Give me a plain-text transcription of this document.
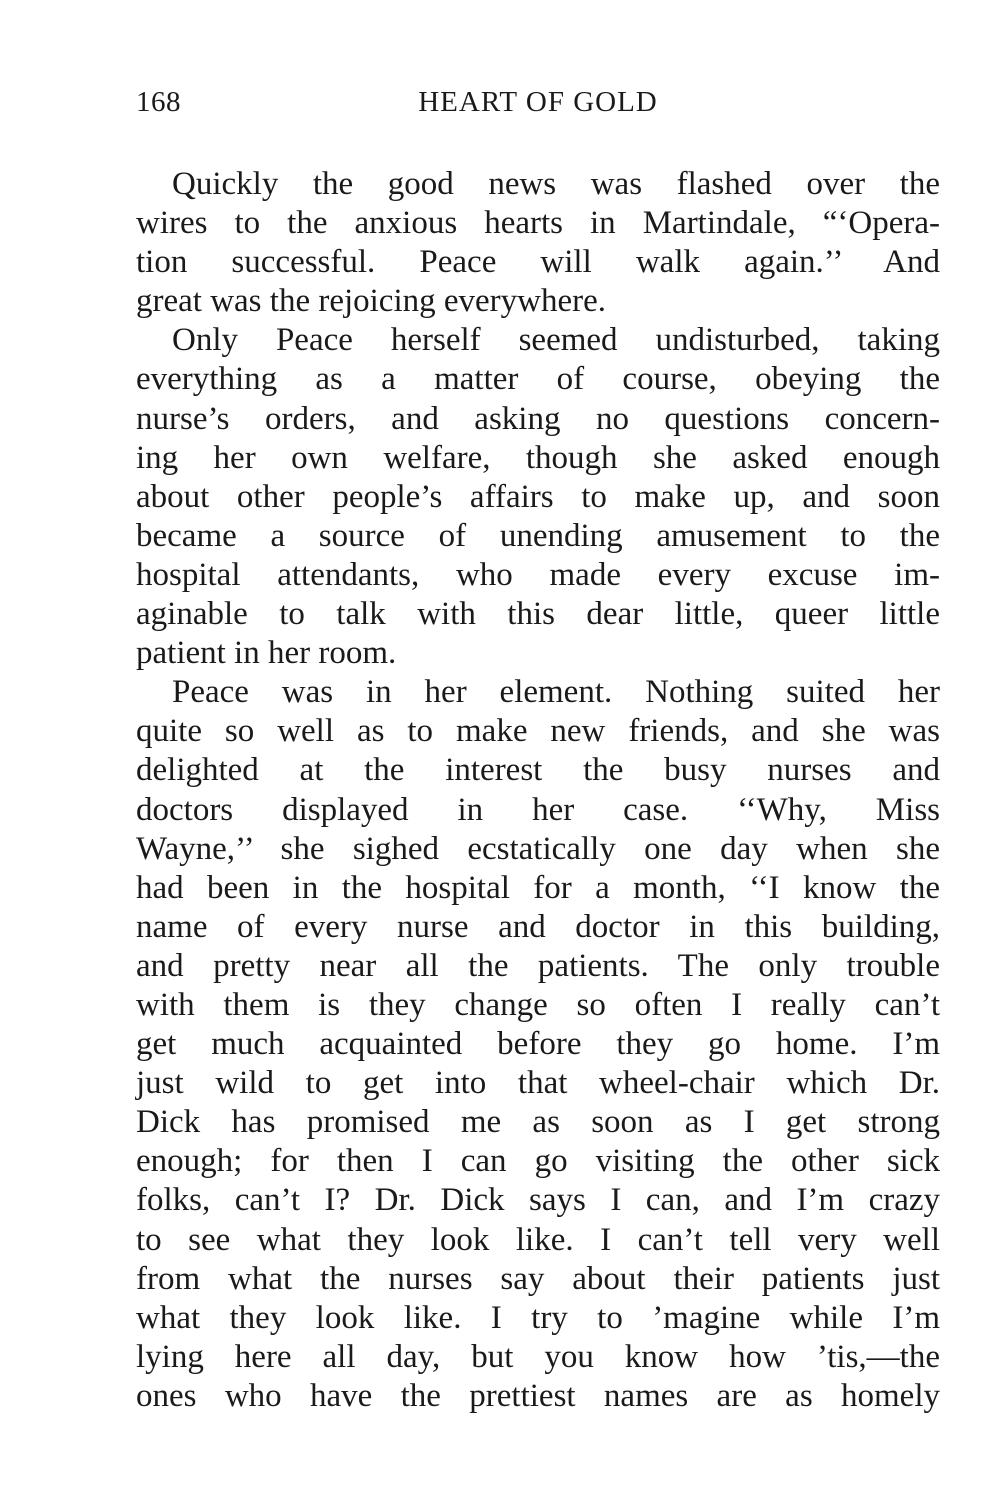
168	HEART OF GOLD
Quickly the good news was flashed over the
wires to the anxious hearts in Martindale, “‘Opera-
tion successful. Peace will walk again.’’ And
great was the rejoicing everywhere.
Only Peace herself seemed undisturbed, taking
everything as a matter of course, obeying the
nurse’s orders, and asking no questions concern-
ing her own welfare, though she asked enough
about other people’s affairs to make up, and soon
became a source of unending amusement to the
hospital attendants, who made every excuse im-
aginable to talk with this dear little, queer little
patient in her room.
Peace was in her element. Nothing suited her
quite so well as to make new friends, and she was
delighted at the interest the busy nurses and
doctors displayed in her case. ‘‘Why, Miss
Wayne,’’ she sighed ecstatically one day when she
had been in the hospital for a month, ‘‘I know the
name of every nurse and doctor in this building,
and pretty near all the patients. The only trouble
with them is they change so often I really can’t
get much acquainted before they go home. I’m
just wild to get into that wheel-chair which Dr.
Dick has promised me as soon as I get strong
enough; for then I can go visiting the other sick
folks, can’t I? Dr. Dick says I can, and I’m crazy
to see what they look like. I can’t tell very well
from what the nurses say about their patients just
what they look like. I try to ’magine while I’m
lying here all day, but you know how ’tis,—the
ones who have the prettiest names are as homely
